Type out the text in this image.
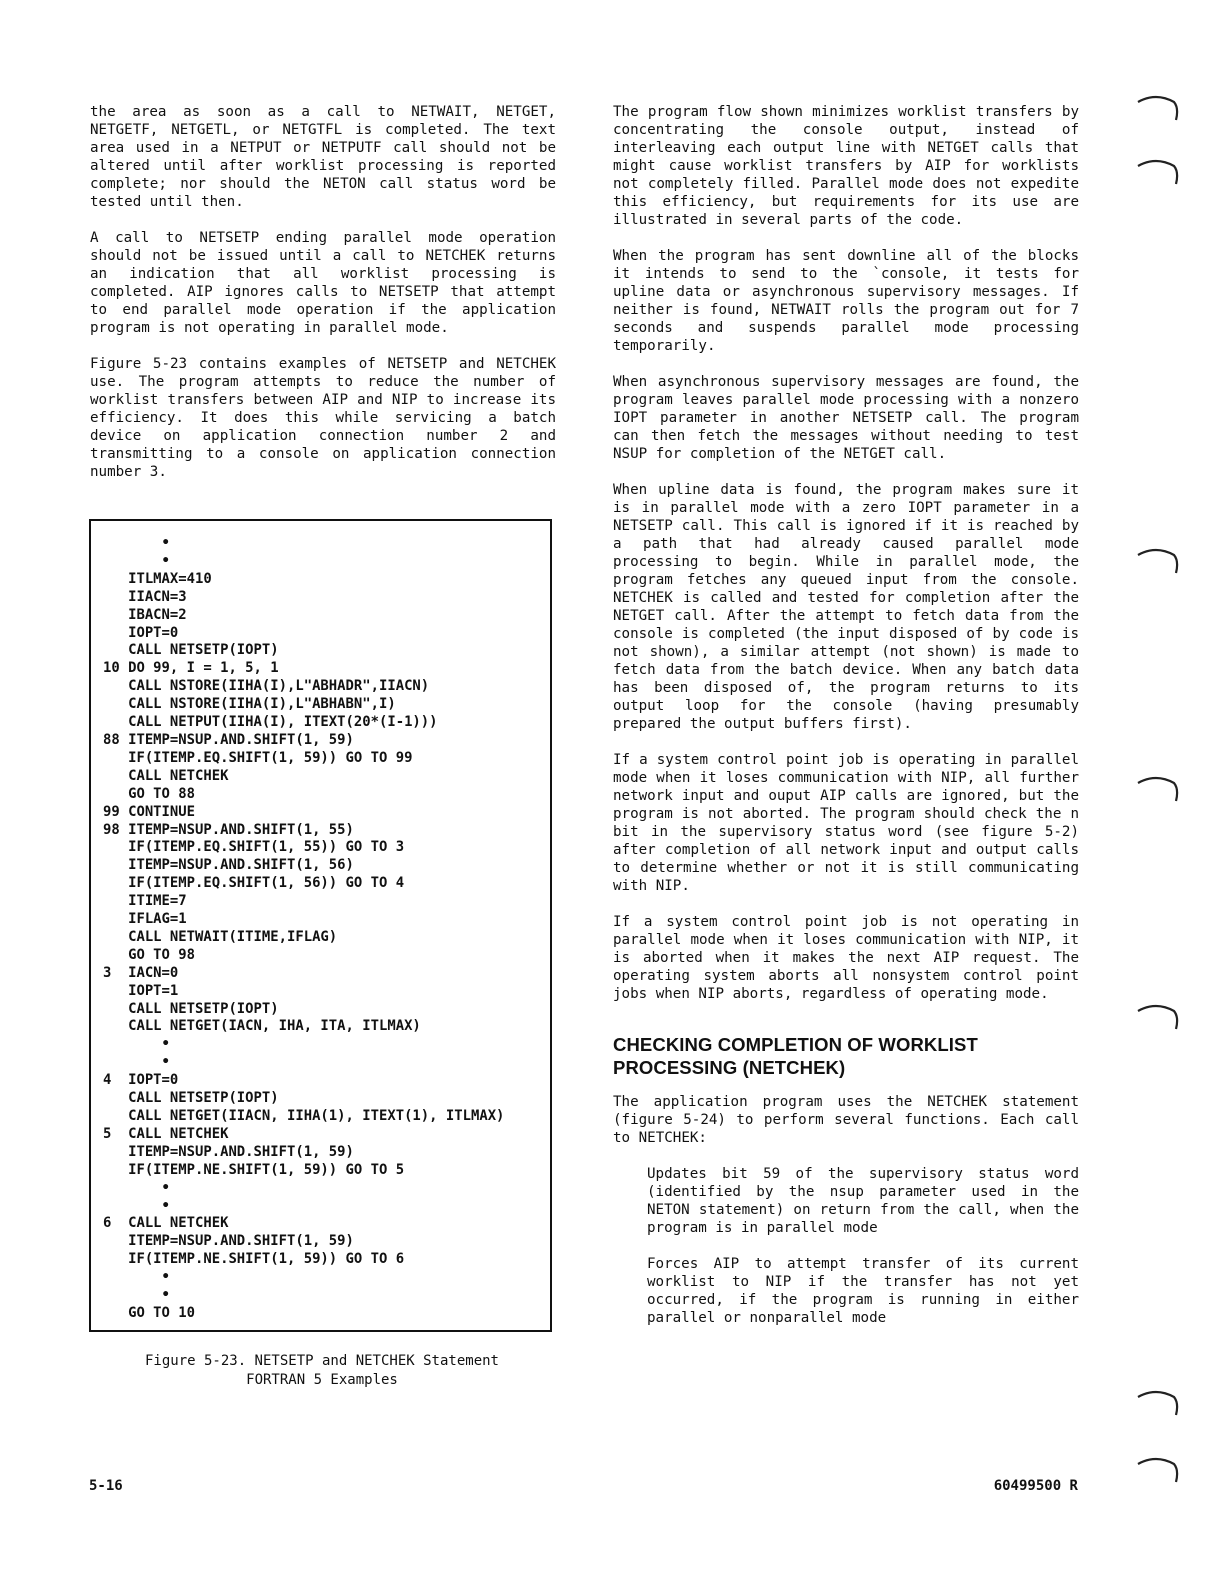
the area as soon as a call to NETWAIT, NETGET, NETGETF, NETGETL, or NETGTFL is completed. The text area used in a NETPUT or NETPUTF call should not be altered until after worklist processing is reported complete; nor should the NETON call status word be tested until then.

A call to NETSETP ending parallel mode operation should not be issued until a call to NETCHEK returns an indication that all worklist processing is completed. AIP ignores calls to NETSETP that attempt to end parallel mode operation if the application program is not operating in parallel mode.

Figure 5-23 contains examples of NETSETP and NETCHEK use. The program attempts to reduce the number of worklist transfers between AIP and NIP to increase its efficiency. It does this while servicing a batch device on application connection number 2 and transmitting to a console on application connection number 3.

•
•
ITLMAX=410
IIACN=3
IBACN=2
IOPT=0
CALL NETSETP(IOPT)
10 DO 99, I = 1, 5, 1
CALL NSTORE(IIHA(I),L"ABHADR",IIACN)
CALL NSTORE(IIHA(I),L"ABHABN",I)
CALL NETPUT(IIHA(I), ITEXT(20*(I-1)))
88 ITEMP=NSUP.AND.SHIFT(1, 59)
IF(ITEMP.EQ.SHIFT(1, 59)) GO TO 99
CALL NETCHEK
GO TO 88
99 CONTINUE
98 ITEMP=NSUP.AND.SHIFT(1, 55)
IF(ITEMP.EQ.SHIFT(1, 55)) GO TO 3
ITEMP=NSUP.AND.SHIFT(1, 56)
IF(ITEMP.EQ.SHIFT(1, 56)) GO TO 4
ITIME=7
IFLAG=1
CALL NETWAIT(ITIME,IFLAG)
GO TO 98
3  IACN=0
IOPT=1
CALL NETSETP(IOPT)
CALL NETGET(IACN, IHA, ITA, ITLMAX)
•
•
4  IOPT=0
CALL NETSETP(IOPT)
CALL NETGET(IIACN, IIHA(1), ITEXT(1), ITLMAX)
5  CALL NETCHEK
ITEMP=NSUP.AND.SHIFT(1, 59)
IF(ITEMP.NE.SHIFT(1, 59)) GO TO 5
•
•
6  CALL NETCHEK
ITEMP=NSUP.AND.SHIFT(1, 59)
IF(ITEMP.NE.SHIFT(1, 59)) GO TO 6
•
•
GO TO 10
Figure 5-23. NETSETP and NETCHEK Statement
FORTRAN 5 Examples

The program flow shown minimizes worklist transfers by concentrating the console output, instead of interleaving each output line with NETGET calls that might cause worklist transfers by AIP for worklists not completely filled. Parallel mode does not expedite this efficiency, but requirements for its use are illustrated in several parts of the code.

When the program has sent downline all of the blocks it intends to send to the `console, it tests for upline data or asynchronous supervisory messages. If neither is found, NETWAIT rolls the program out for 7 seconds and suspends parallel mode processing temporarily.

When asynchronous supervisory messages are found, the program leaves parallel mode processing with a nonzero IOPT parameter in another NETSETP call. The program can then fetch the messages without needing to test NSUP for completion of the NETGET call.

When upline data is found, the program makes sure it is in parallel mode with a zero IOPT parameter in a NETSETP call. This call is ignored if it is reached by a path that had already caused parallel mode processing to begin. While in parallel mode, the program fetches any queued input from the console. NETCHEK is called and tested for completion after the NETGET call. After the attempt to fetch data from the console is completed (the input disposed of by code is not shown), a similar attempt (not shown) is made to fetch data from the batch device. When any batch data has been disposed of, the program returns to its output loop for the console (having presumably prepared the output buffers first).

If a system control point job is operating in parallel mode when it loses communication with NIP, all further network input and ouput AIP calls are ignored, but the program is not aborted. The program should check the n bit in the supervisory status word (see figure 5-2) after completion of all network input and output calls to determine whether or not it is still communicating with NIP.

If a system control point job is not operating in parallel mode when it loses communication with NIP, it is aborted when it makes the next AIP request. The operating system aborts all nonsystem control point jobs when NIP aborts, regardless of operating mode.

CHECKING COMPLETION OF WORKLIST
PROCESSING (NETCHEK)

The application program uses the NETCHEK statement (figure 5-24) to perform several functions. Each call to NETCHEK:

Updates bit 59 of the supervisory status word (identified by the nsup parameter used in the NETON statement) on return from the call, when the program is in parallel mode

Forces AIP to attempt transfer of its current worklist to NIP if the transfer has not yet occurred, if the program is running in either parallel or nonparallel mode

5-16	60499500 R
